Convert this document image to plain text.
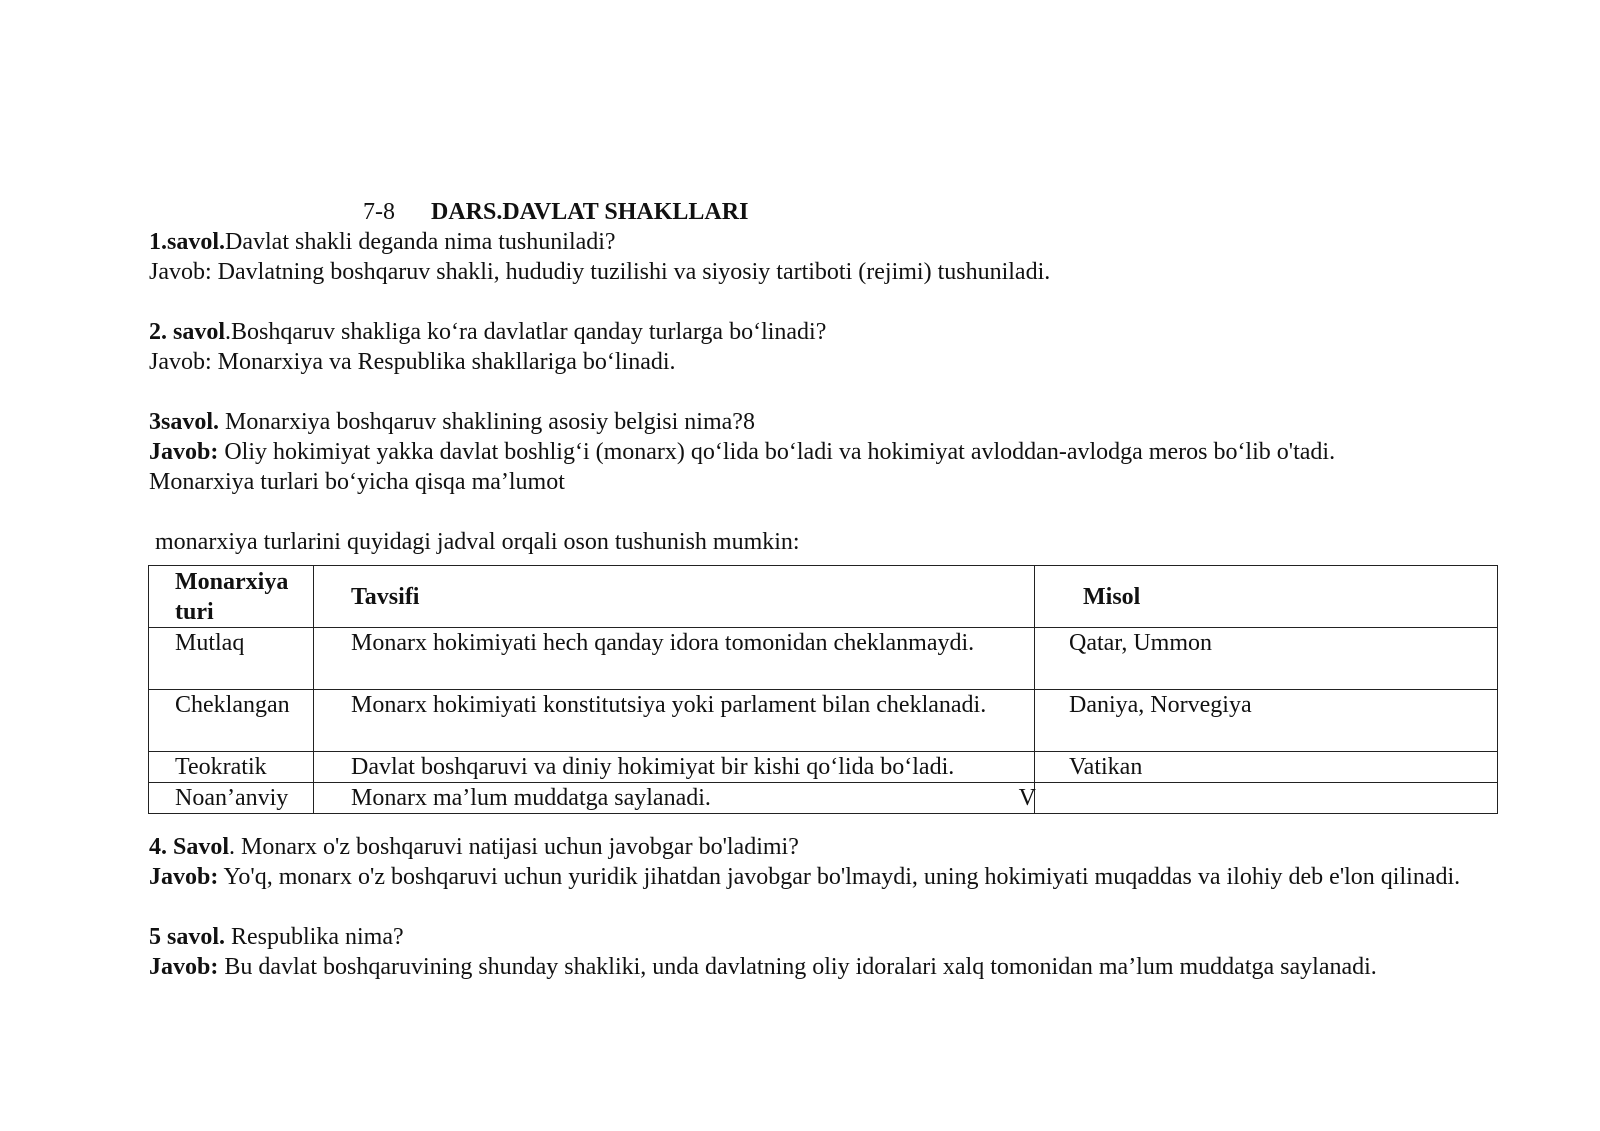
7-8 DARS.DAVLAT SHAKLLARI
1.savol.Davlat shakli deganda nima tushuniladi?
Javob: Davlatning boshqaruv shakli, hududiy tuzilishi va siyosiy tartiboti (rejimi) tushuniladi.
2. savol.Boshqaruv shakliga ko‘ra davlatlar qanday turlarga bo‘linadi?
Javob: Monarxiya va Respublika shakllariga bo‘linadi.
3savol. Monarxiya boshqaruv shaklining asosiy belgisi nima?8
Javob: Oliy hokimiyat yakka davlat boshlig‘i (monarx) qo‘lida bo‘ladi va hokimiyat avloddan-avlodga meros bo‘lib o'tadi.
Monarxiya turlari bo‘yicha qisqa ma’lumot
monarxiya turlarini quyidagi jadval orqali oson tushunish mumkin:
Monarxiya turi	Tavsifi	Misol

Mutlaq	Monarx hokimiyati hech qanday idora tomonidan cheklanmaydi.	Qatar, Ummon

Cheklangan	Monarx hokimiyati konstitutsiya yoki parlament bilan cheklanadi.	Daniya, Norvegiya

Teokratik	Davlat boshqaruvi va diniy hokimiyat bir kishi qo‘lida bo‘ladi.	Vatikan

Noan’anviy	Monarx ma’lum muddatga saylanadi. V	

4. Savol. Monarx o'z boshqaruvi natijasi uchun javobgar bo'ladimi?
Javob: Yo'q, monarx o'z boshqaruvi uchun yuridik jihatdan javobgar bo'lmaydi, uning hokimiyati muqaddas va ilohiy deb e'lon qilinadi.
5 savol. Respublika nima?
Javob: Bu davlat boshqaruvining shunday shakliki, unda davlatning oliy idoralari xalq tomonidan ma’lum muddatga saylanadi.
